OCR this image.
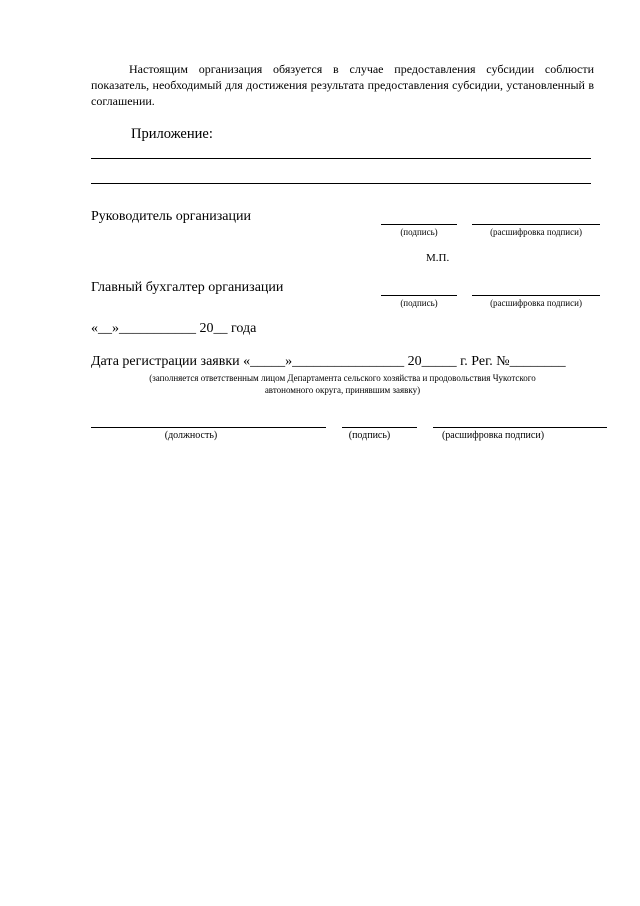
Настоящим организация обязуется в случае предоставления субсидии соблюсти показатель, необходимый для достижения результата предоставления субсидии, установленный в соглашении.
Приложение:
Руководитель организации
(подпись)	(расшифровка подписи)
М.П.
Главный бухгалтер организации
(подпись)	(расшифровка подписи)
«__»___________ 20__ года
Дата регистрации заявки «_____»________________ 20_____ г. Рег. №________
(заполняется ответственным лицом Департамента сельского хозяйства и продовольствия Чукотского
автономного округа, принявшим заявку)
(должность)	(подпись)	(расшифровка подписи)
